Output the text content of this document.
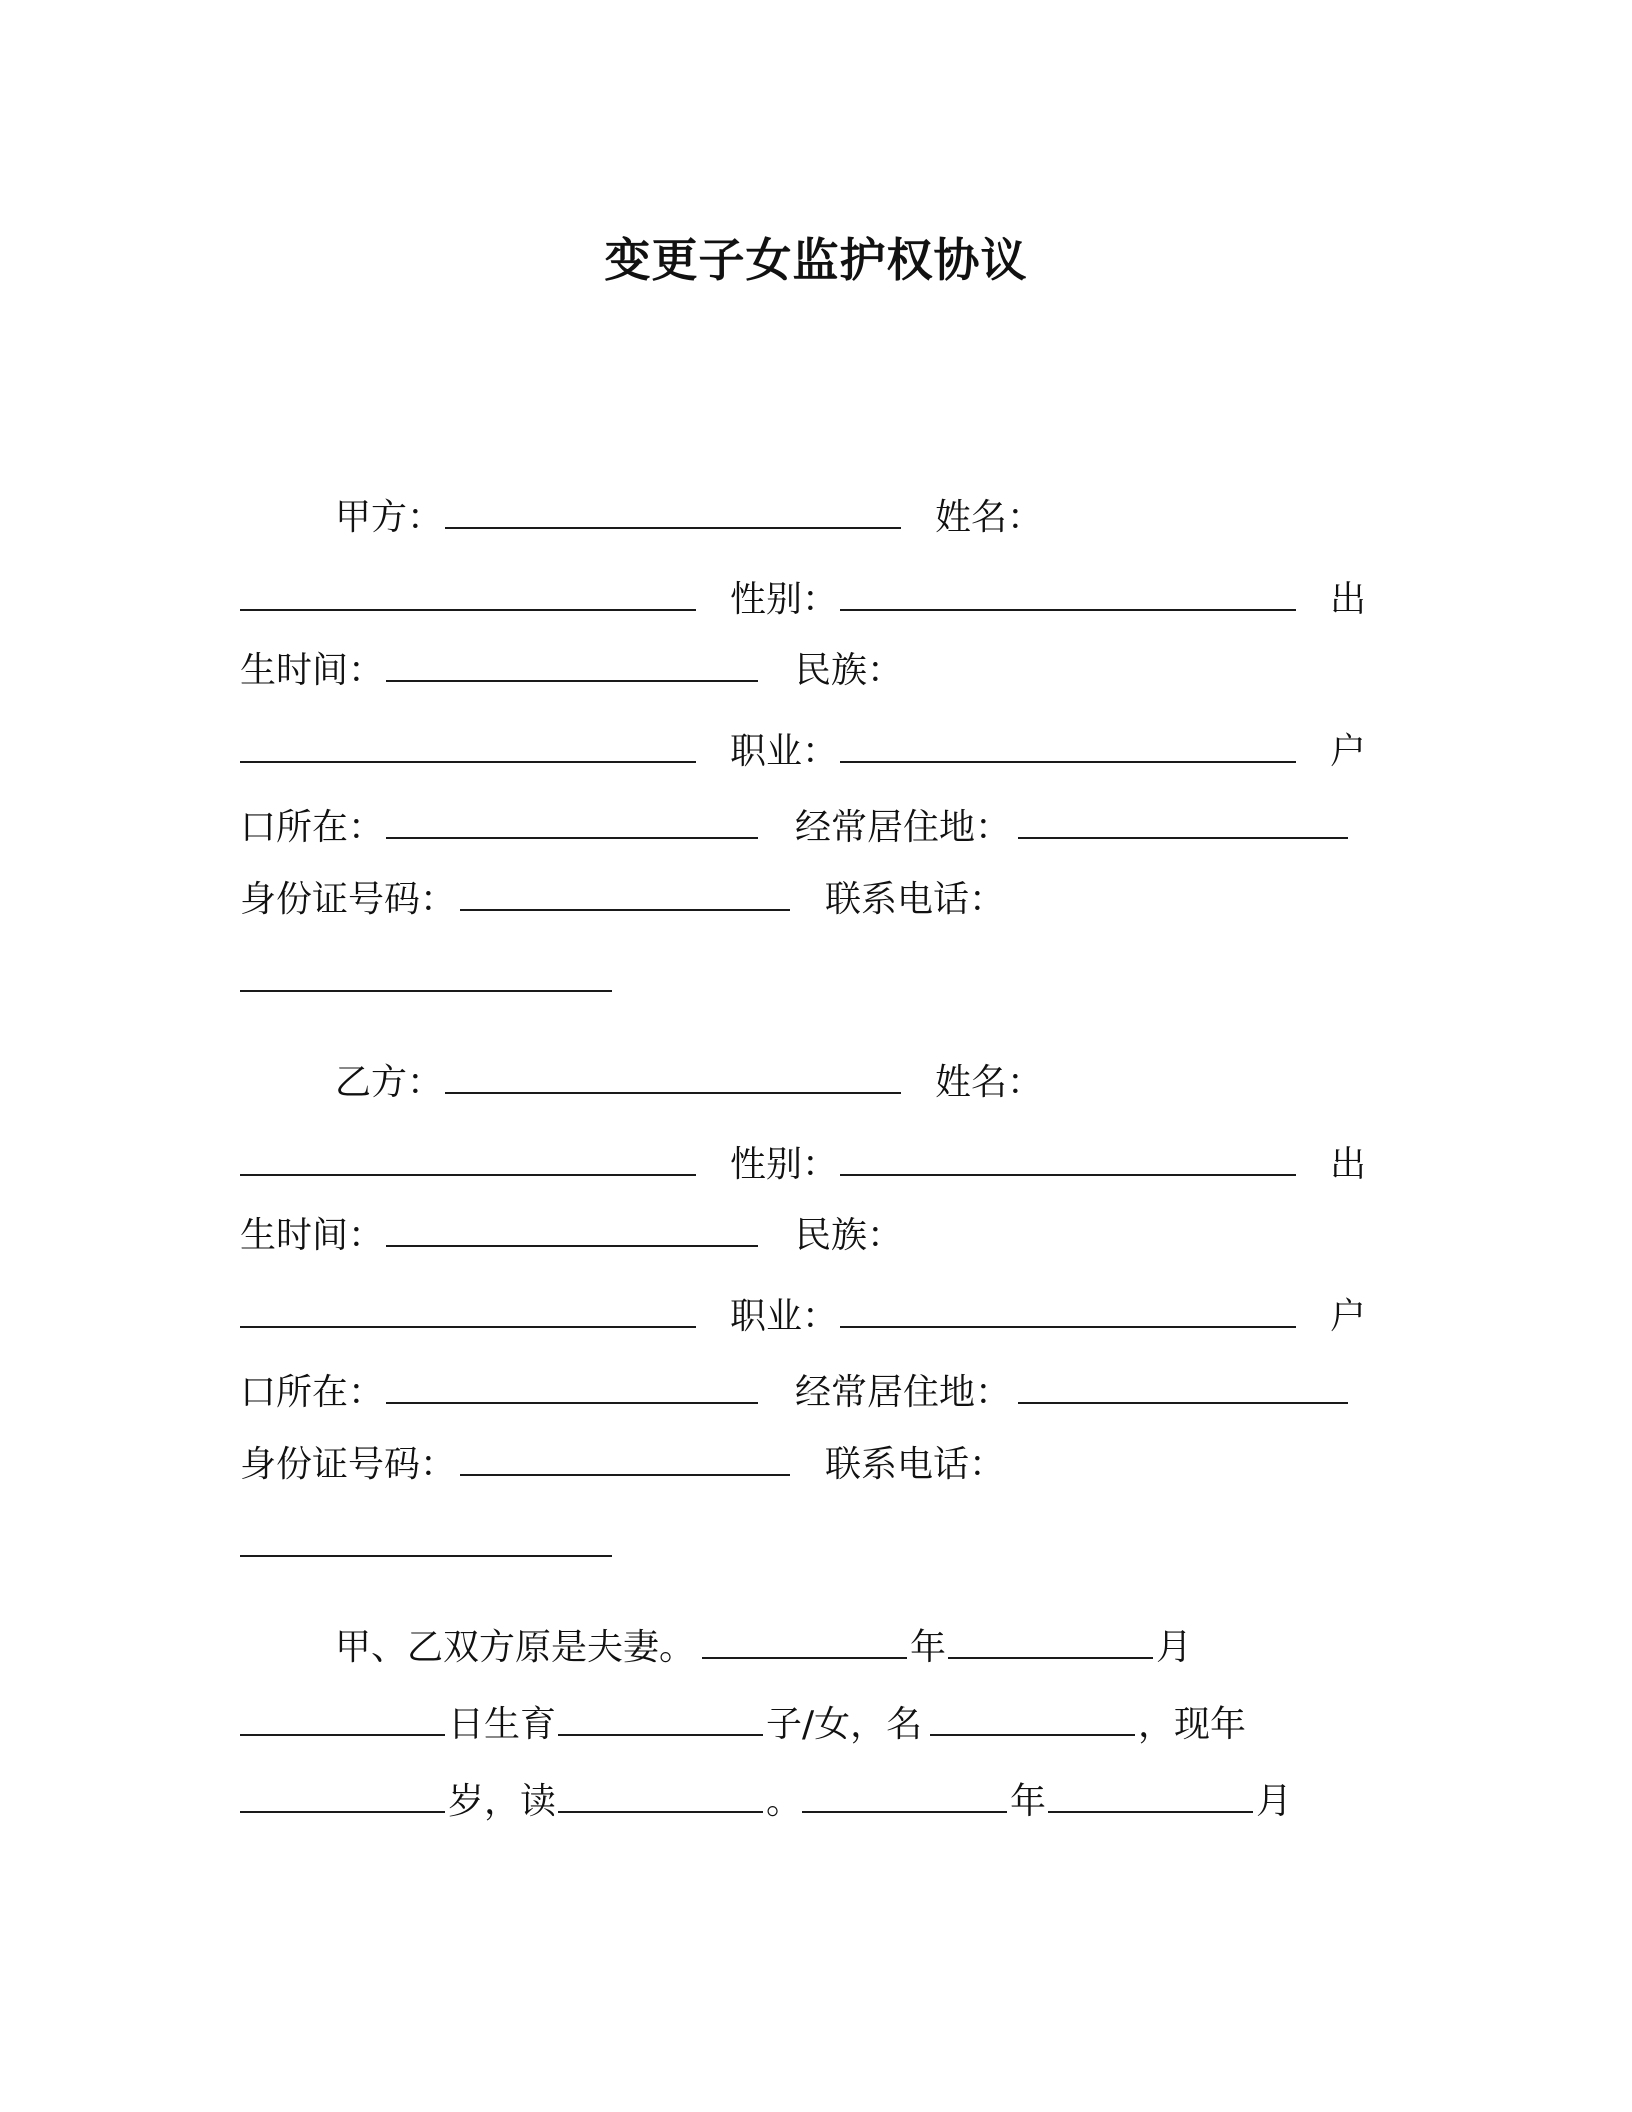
变更子女监护权协议
甲方：	姓名：
性别：	出
生时间：	民族：
职业：	户
口所在：	经常居住地：
身份证号码：	联系电话：
乙方：	姓名：
性别：	出
生时间：	民族：
职业：	户
口所在：	经常居住地：
身份证号码：	联系电话：
甲、乙双方原是夫妻。	年	月
日生育	子/女，名	，现年
岁，读	。	年	月
